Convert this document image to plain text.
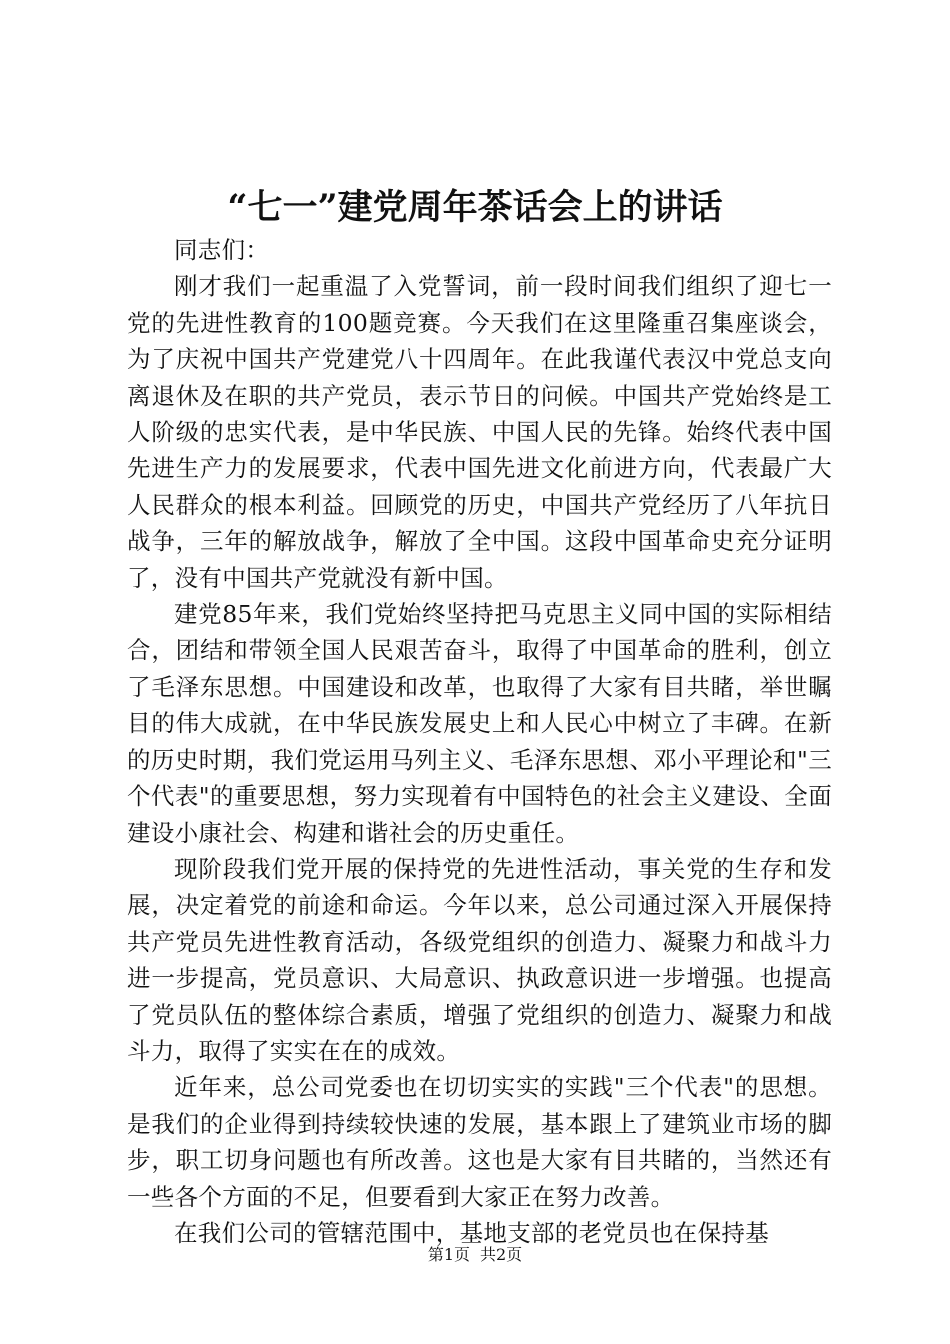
“七一”建党周年茶话会上的讲话

同志们：

刚才我们一起重温了入党誓词，前一段时间我们组织了迎七一党的先进性教育的100题竞赛。今天我们在这里隆重召集座谈会，为了庆祝中国共产党建党八十四周年。在此我谨代表汉中党总支向离退休及在职的共产党员，表示节日的问候。中国共产党始终是工人阶级的忠实代表，是中华民族、中国人民的先锋。始终代表中国先进生产力的发展要求，代表中国先进文化前进方向，代表最广大人民群众的根本利益。回顾党的历史，中国共产党经历了八年抗日战争，三年的解放战争，解放了全中国。这段中国革命史充分证明了，没有中国共产党就没有新中国。

建党85年来，我们党始终坚持把马克思主义同中国的实际相结合，团结和带领全国人民艰苦奋斗，取得了中国革命的胜利，创立了毛泽东思想。中国建设和改革，也取得了大家有目共睹，举世瞩目的伟大成就，在中华民族发展史上和人民心中树立了丰碑。在新的历史时期，我们党运用马列主义、毛泽东思想、邓小平理论和"三个代表"的重要思想，努力实现着有中国特色的社会主义建设、全面建设小康社会、构建和谐社会的历史重任。

现阶段我们党开展的保持党的先进性活动，事关党的生存和发展，决定着党的前途和命运。今年以来，总公司通过深入开展保持共产党员先进性教育活动，各级党组织的创造力、凝聚力和战斗力进一步提高，党员意识、大局意识、执政意识进一步增强。也提高了党员队伍的整体综合素质，增强了党组织的创造力、凝聚力和战斗力，取得了实实在在的成效。

近年来，总公司党委也在切切实实的实践"三个代表"的思想。是我们的企业得到持续较快速的发展，基本跟上了建筑业市场的脚步，职工切身问题也有所改善。这也是大家有目共睹的，当然还有一些各个方面的不足，但要看到大家正在努力改善。

在我们公司的管辖范围中，基地支部的老党员也在保持基

第1页 共2页
